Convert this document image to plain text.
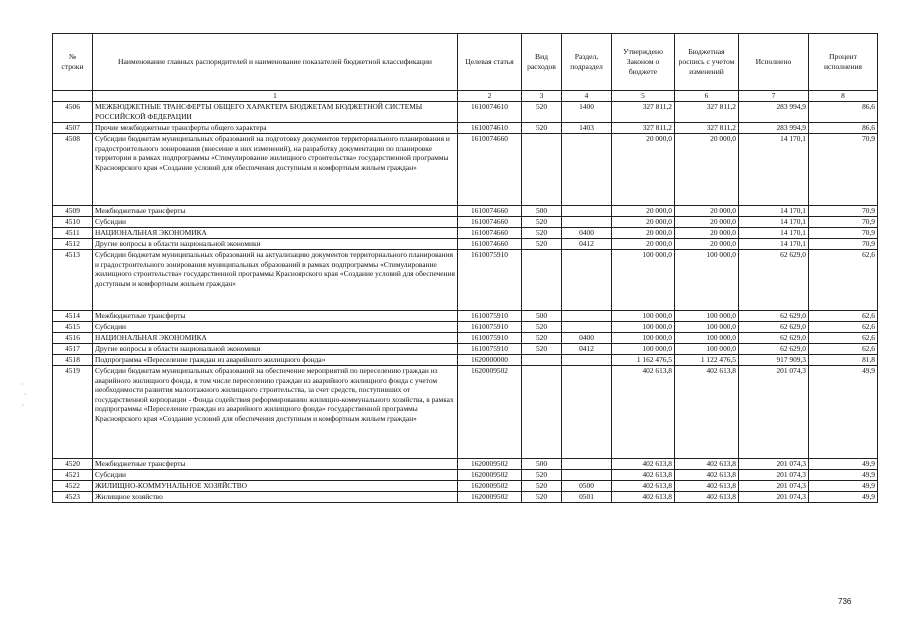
№
строки	Наименование главных распорядителей и наименование показателей бюджетной классификации	Целевая статья	Вид расходов	Раздел, подраздел	Утверждено Законом о бюджете	Бюджетная роспись с учетом изменений	Исполнено	Процент исполнения
	1	2	3	4	5	6	7	8
4506	МЕЖБЮДЖЕТНЫЕ ТРАНСФЕРТЫ ОБЩЕГО ХАРАКТЕРА БЮДЖЕТАМ БЮДЖЕТНОЙ СИСТЕМЫ РОССИЙСКОЙ ФЕДЕРАЦИИ	1610074610	520	1400	327 811,2	327 811,2	283 994,9	86,6
4507	Прочие межбюджетные трансферты общего характера	1610074610	520	1403	327 811,2	327 811,2	283 994,9	86,6
4508	Субсидии бюджетам муниципальных образований на подготовку документов территориального планирования и градостроительного зонирования (внесение в них изменений), на разработку документации по планировке территории в рамках подпрограммы «Стимулирование жилищного строительства» государственной программы Красноярского края «Создание условий для обеспечения доступным и комфортным жильем граждан»	1610074660			20 000,0	20 000,0	14 170,1	70,9
4509	Межбюджетные трансферты	1610074660	500		20 000,0	20 000,0	14 170,1	70,9
4510	Субсидии	1610074660	520		20 000,0	20 000,0	14 170,1	70,9
4511	НАЦИОНАЛЬНАЯ ЭКОНОМИКА	1610074660	520	0400	20 000,0	20 000,0	14 170,1	70,9
4512	Другие вопросы в области национальной экономики	1610074660	520	0412	20 000,0	20 000,0	14 170,1	70,9
4513	Субсидии бюджетам муниципальных образований на актуализацию документов территориального планирования и градостроительного зонирования муниципальных образований в рамках подпрограммы «Стимулирование жилищного строительства» государственной программы Красноярского края «Создание условий для обеспечения доступным и комфортным жильем граждан»	1610075910			100 000,0	100 000,0	62 629,0	62,6
4514	Межбюджетные трансферты	1610075910	500		100 000,0	100 000,0	62 629,0	62,6
4515	Субсидии	1610075910	520		100 000,0	100 000,0	62 629,0	62,6
4516	НАЦИОНАЛЬНАЯ ЭКОНОМИКА	1610075910	520	0400	100 000,0	100 000,0	62 629,0	62,6
4517	Другие вопросы в области национальной экономики	1610075910	520	0412	100 000,0	100 000,0	62 629,0	62,6
4518	Подпрограмма «Переселение граждан из аварийного жилищного фонда»	1620000000			1 162 476,5	1 122 476,5	917 909,3	81,8
4519	Субсидии бюджетам муниципальных образований на обеспечение мероприятий по переселению граждан из аварийного жилищного фонда, в том числе переселению граждан из аварийного жилищного фонда с учетом необходимости развития малоэтажного жилищного строительства, за счет средств, поступивших от государственной корпорации - Фонда содействия реформированию жилищно-коммунального хозяйства, в рамках подпрограммы «Переселение граждан из аварийного жилищного фонда» государственной программы Красноярского края «Создание условий для обеспечения доступным и комфортным жильем граждан»	1620009502			402 613,8	402 613,8	201 074,3	49,9
4520	Межбюджетные трансферты	1620009502	500		402 613,8	402 613,8	201 074,3	49,9
4521	Субсидии	1620009502	520		402 613,8	402 613,8	201 074,3	49,9
4522	ЖИЛИЩНО-КОММУНАЛЬНОЕ ХОЗЯЙСТВО	1620009502	520	0500	402 613,8	402 613,8	201 074,3	49,9
4523	Жилищное хозяйство	1620009502	520	0501	402 613,8	402 613,8	201 074,3	49,9
736
